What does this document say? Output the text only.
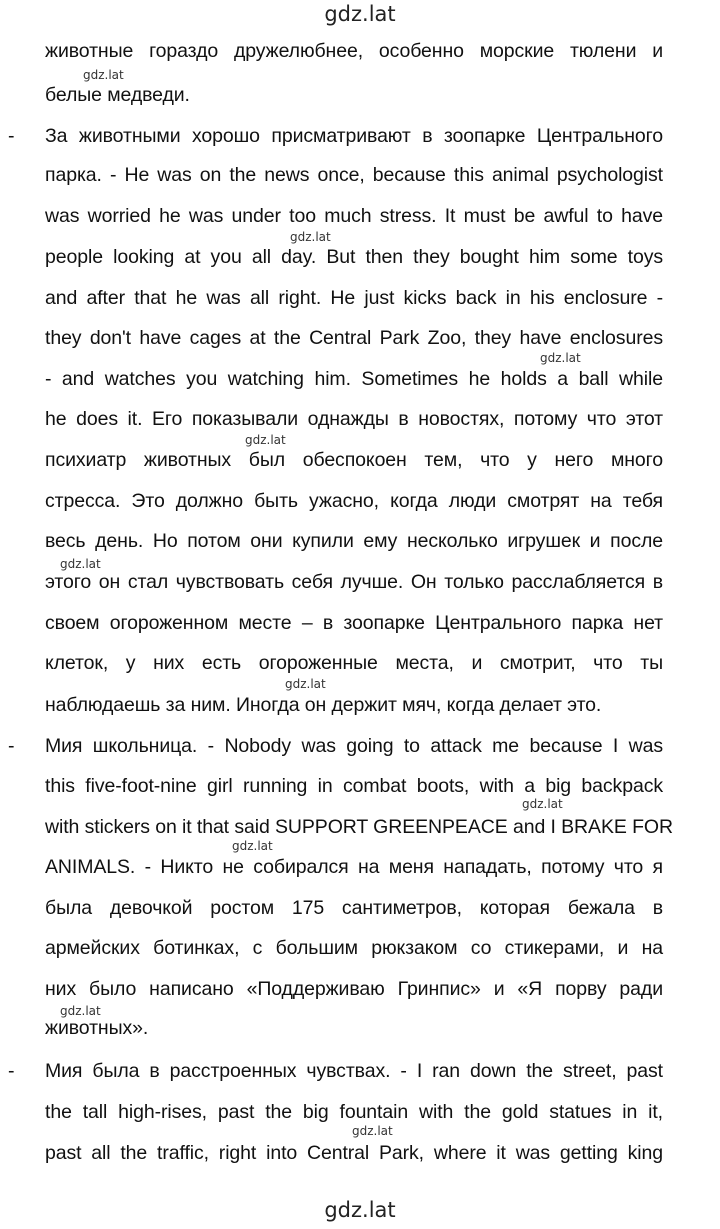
gdz.lat
животные гораздо дружелюбнее, особенно морские тюлени и
белые медведи.
- За животными хорошо присматривают в зоопарке Центрального
парка. - He was on the news once, because this animal psychologist
was worried he was under too much stress. It must be awful to have
people looking at you all day. But then they bought him some toys
and after that he was all right. He just kicks back in his enclosure -
they don't have cages at the Central Park Zoo, they have enclosures
- and watches you watching him. Sometimes he holds a ball while
he does it. Его показывали однажды в новостях, потому что этот
психиатр животных был обеспокоен тем, что у него много
стресса. Это должно быть ужасно, когда люди смотрят на тебя
весь день. Но потом они купили ему несколько игрушек и после
этого он стал чувствовать себя лучше. Он только расслабляется в
своем огороженном месте – в зоопарке Центрального парка нет
клеток, у них есть огороженные места, и смотрит, что ты
наблюдаешь за ним. Иногда он держит мяч, когда делает это.
- Мия школьница. - Nobody was going to attack me because I was
this five-foot-nine girl running in combat boots, with a big backpack
with stickers on it that said SUPPORT GREENPEACE and I BRAKE FOR
ANIMALS. - Никто не собирался на меня нападать, потому что я
была девочкой ростом 175 сантиметров, которая бежала в
армейских ботинках, с большим рюкзаком со стикерами, и на
них было написано «Поддерживаю Гринпис» и «Я порву ради
животных».
- Мия была в расстроенных чувствах. - I ran down the street, past
the tall high-rises, past the big fountain with the gold statues in it,
past all the traffic, right into Central Park, where it was getting king
gdz.lat
gdz.lat
gdz.lat
gdz.lat
gdz.lat
gdz.lat
gdz.lat
gdz.lat
gdz.lat
gdz.lat
gdz.lat
